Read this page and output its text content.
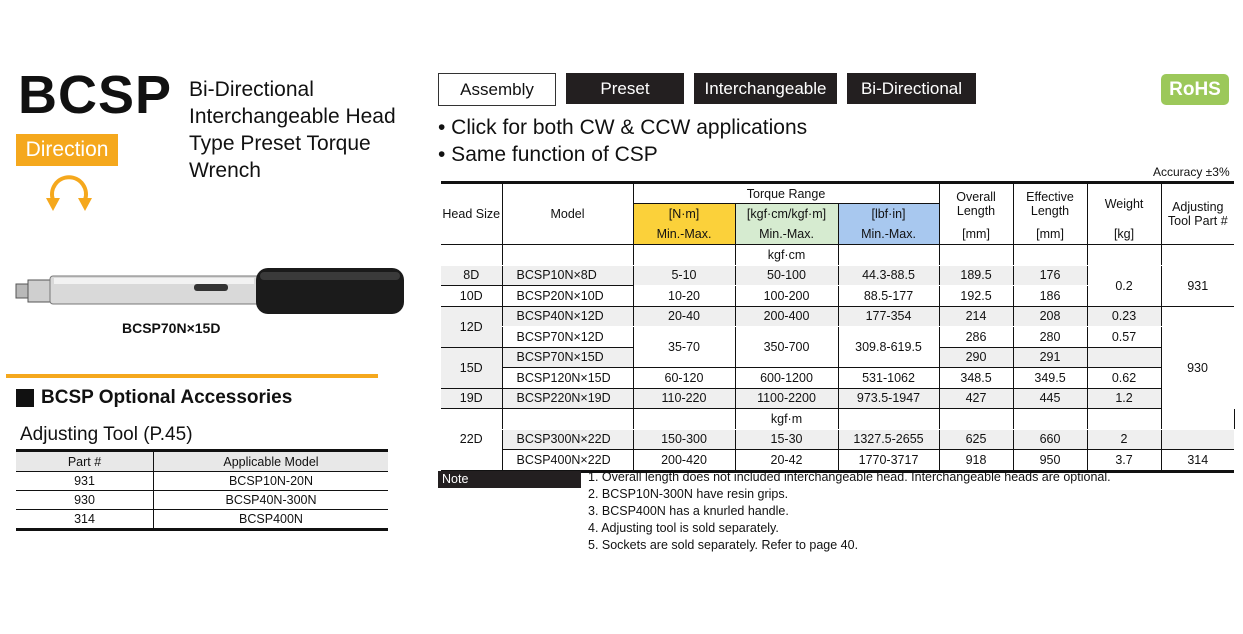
BCSP Bi-Directional
Interchangeable Head
Type Preset Torque
Wrench
Direction
BCSP70N×15D
BCSP Optional Accessories
Adjusting Tool (P.45)
Part #	Applicable Model
931	BCSP10N-20N
930	BCSP40N-300N
314	BCSP400N
Assembly	Preset	Interchangeable	Bi-Directional	RoHS
• Click for both CW & CCW applications
• Same function of CSP
Accuracy ±3%
Head Size	Model	Torque Range			Overall Length	Effective Length	Weight	Adjusting Tool Part #	
		[N·m]	[kgf·cm/kgf·m]	[lbf·in]					
		Min.-Max.	Min.-Max.	Min.-Max.	[mm]	[mm]	[kg]		
			kgf·cm						
8D	BCSP10N×8D	5-10	50-100	44.3-88.5	189.5	176	0.2	931	
10D	BCSP20N×10D	10-20	100-200	88.5-177	192.5	186			
12D	BCSP40N×12D	20-40	200-400	177-354	214	208	0.23	930	
	BCSP70N×12D	35-70	350-700	309.8-619.5	286	280	0.57		
15D	BCSP70N×15D				290	291			
	BCSP120N×15D	60-120	600-1200	531-1062	348.5	349.5	0.62		
19D	BCSP220N×19D	110-220	1100-2200	973.5-1947	427	445	1.2		
22D			kgf·m						
	BCSP300N×22D	150-300	15-30	1327.5-2655	625	660	2		
	BCSP400N×22D	200-420	20-42	1770-3717	918	950	3.7	314	
Note	1. Overall length does not included interchangeable head. Interchangeable heads are optional.
2. BCSP10N-300N have resin grips.
3. BCSP400N has a knurled handle.
4. Adjusting tool is sold separately.
5. Sockets are sold separately. Refer to page 40.
